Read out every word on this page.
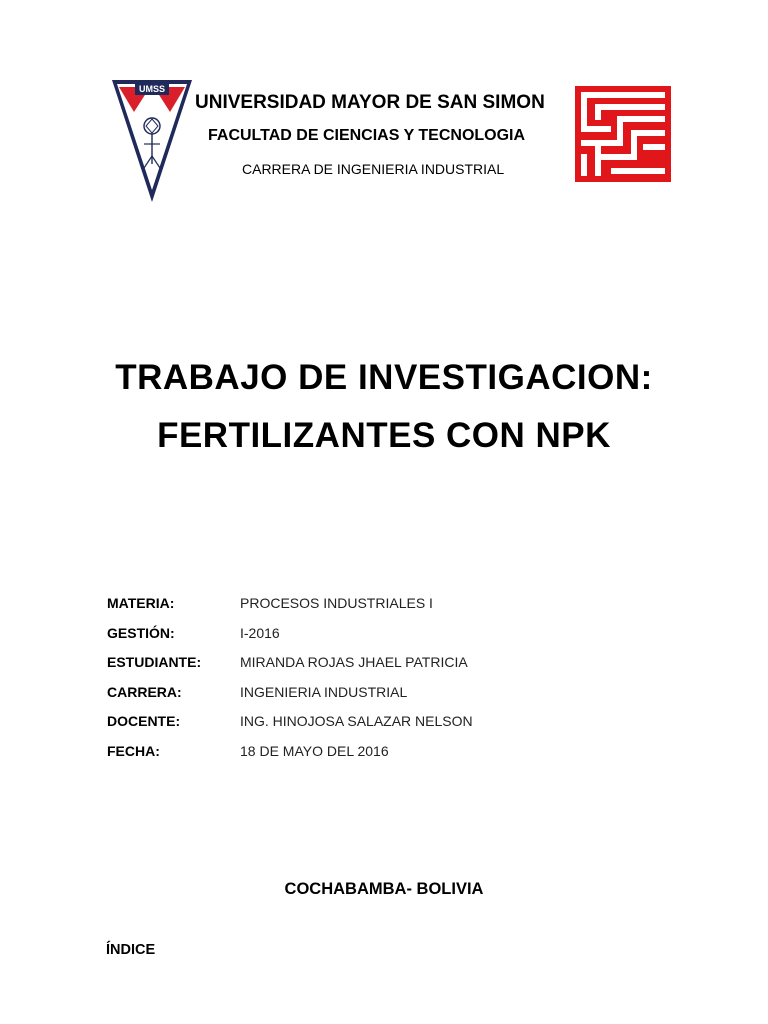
UMSS
UNIVERSIDAD MAYOR DE SAN SIMON
FACULTAD DE CIENCIAS Y TECNOLOGIA
CARRERA DE INGENIERIA INDUSTRIAL
TRABAJO DE INVESTIGACION:
FERTILIZANTES CON NPK
MATERIA:	PROCESOS INDUSTRIALES I
GESTIÓN:	I-2016
ESTUDIANTE:	MIRANDA ROJAS JHAEL PATRICIA
CARRERA:	INGENIERIA INDUSTRIAL
DOCENTE:	ING. HINOJOSA SALAZAR NELSON
FECHA:	18 DE MAYO DEL 2016
COCHABAMBA- BOLIVIA
ÍNDICE
